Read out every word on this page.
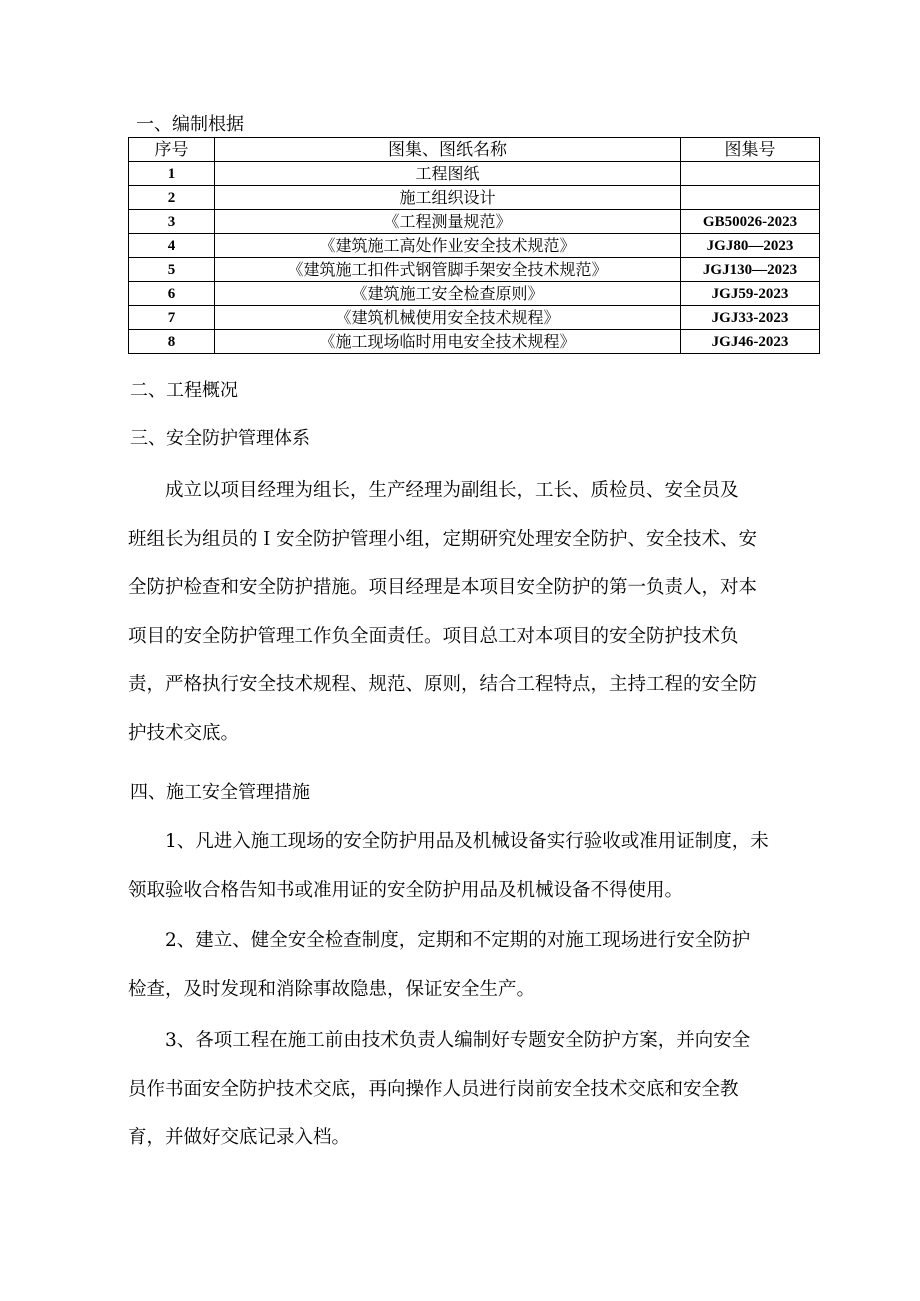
一、编制根据
序号	图集、图纸名称	图集号
1	工程图纸	
2	施工组织设计	
3	《工程测量规范》	GB50026-2023
4	《建筑施工高处作业安全技术规范》	JGJ80—2023
5	《建筑施工扣件式钢管脚手架安全技术规范》	JGJ130—2023
6	《建筑施工安全检查原则》	JGJ59-2023
7	《建筑机械使用安全技术规程》	JGJ33-2023
8	《施工现场临时用电安全技术规程》	JGJ46-2023
二、工程概况
三、安全防护管理体系
成立以项目经理为组长，生产经理为副组长，工长、质检员、安全员及
班组长为组员的Ｉ安全防护管理小组，定期研究处理安全防护、安全技术、安
全防护检查和安全防护措施。项目经理是本项目安全防护的第一负责人，对本
项目的安全防护管理工作负全面责任。项目总工对本项目的安全防护技术负
责，严格执行安全技术规程、规范、原则，结合工程特点，主持工程的安全防
护技术交底。
四、施工安全管理措施
1、凡进入施工现场的安全防护用品及机械设备实行验收或准用证制度，未
领取验收合格告知书或准用证的安全防护用品及机械设备不得使用。
2、建立、健全安全检查制度，定期和不定期的对施工现场进行安全防护
检查，及时发现和消除事故隐患，保证安全生产。
3、各项工程在施工前由技术负责人编制好专题安全防护方案，并向安全
员作书面安全防护技术交底，再向操作人员进行岗前安全技术交底和安全教
育，并做好交底记录入档。
